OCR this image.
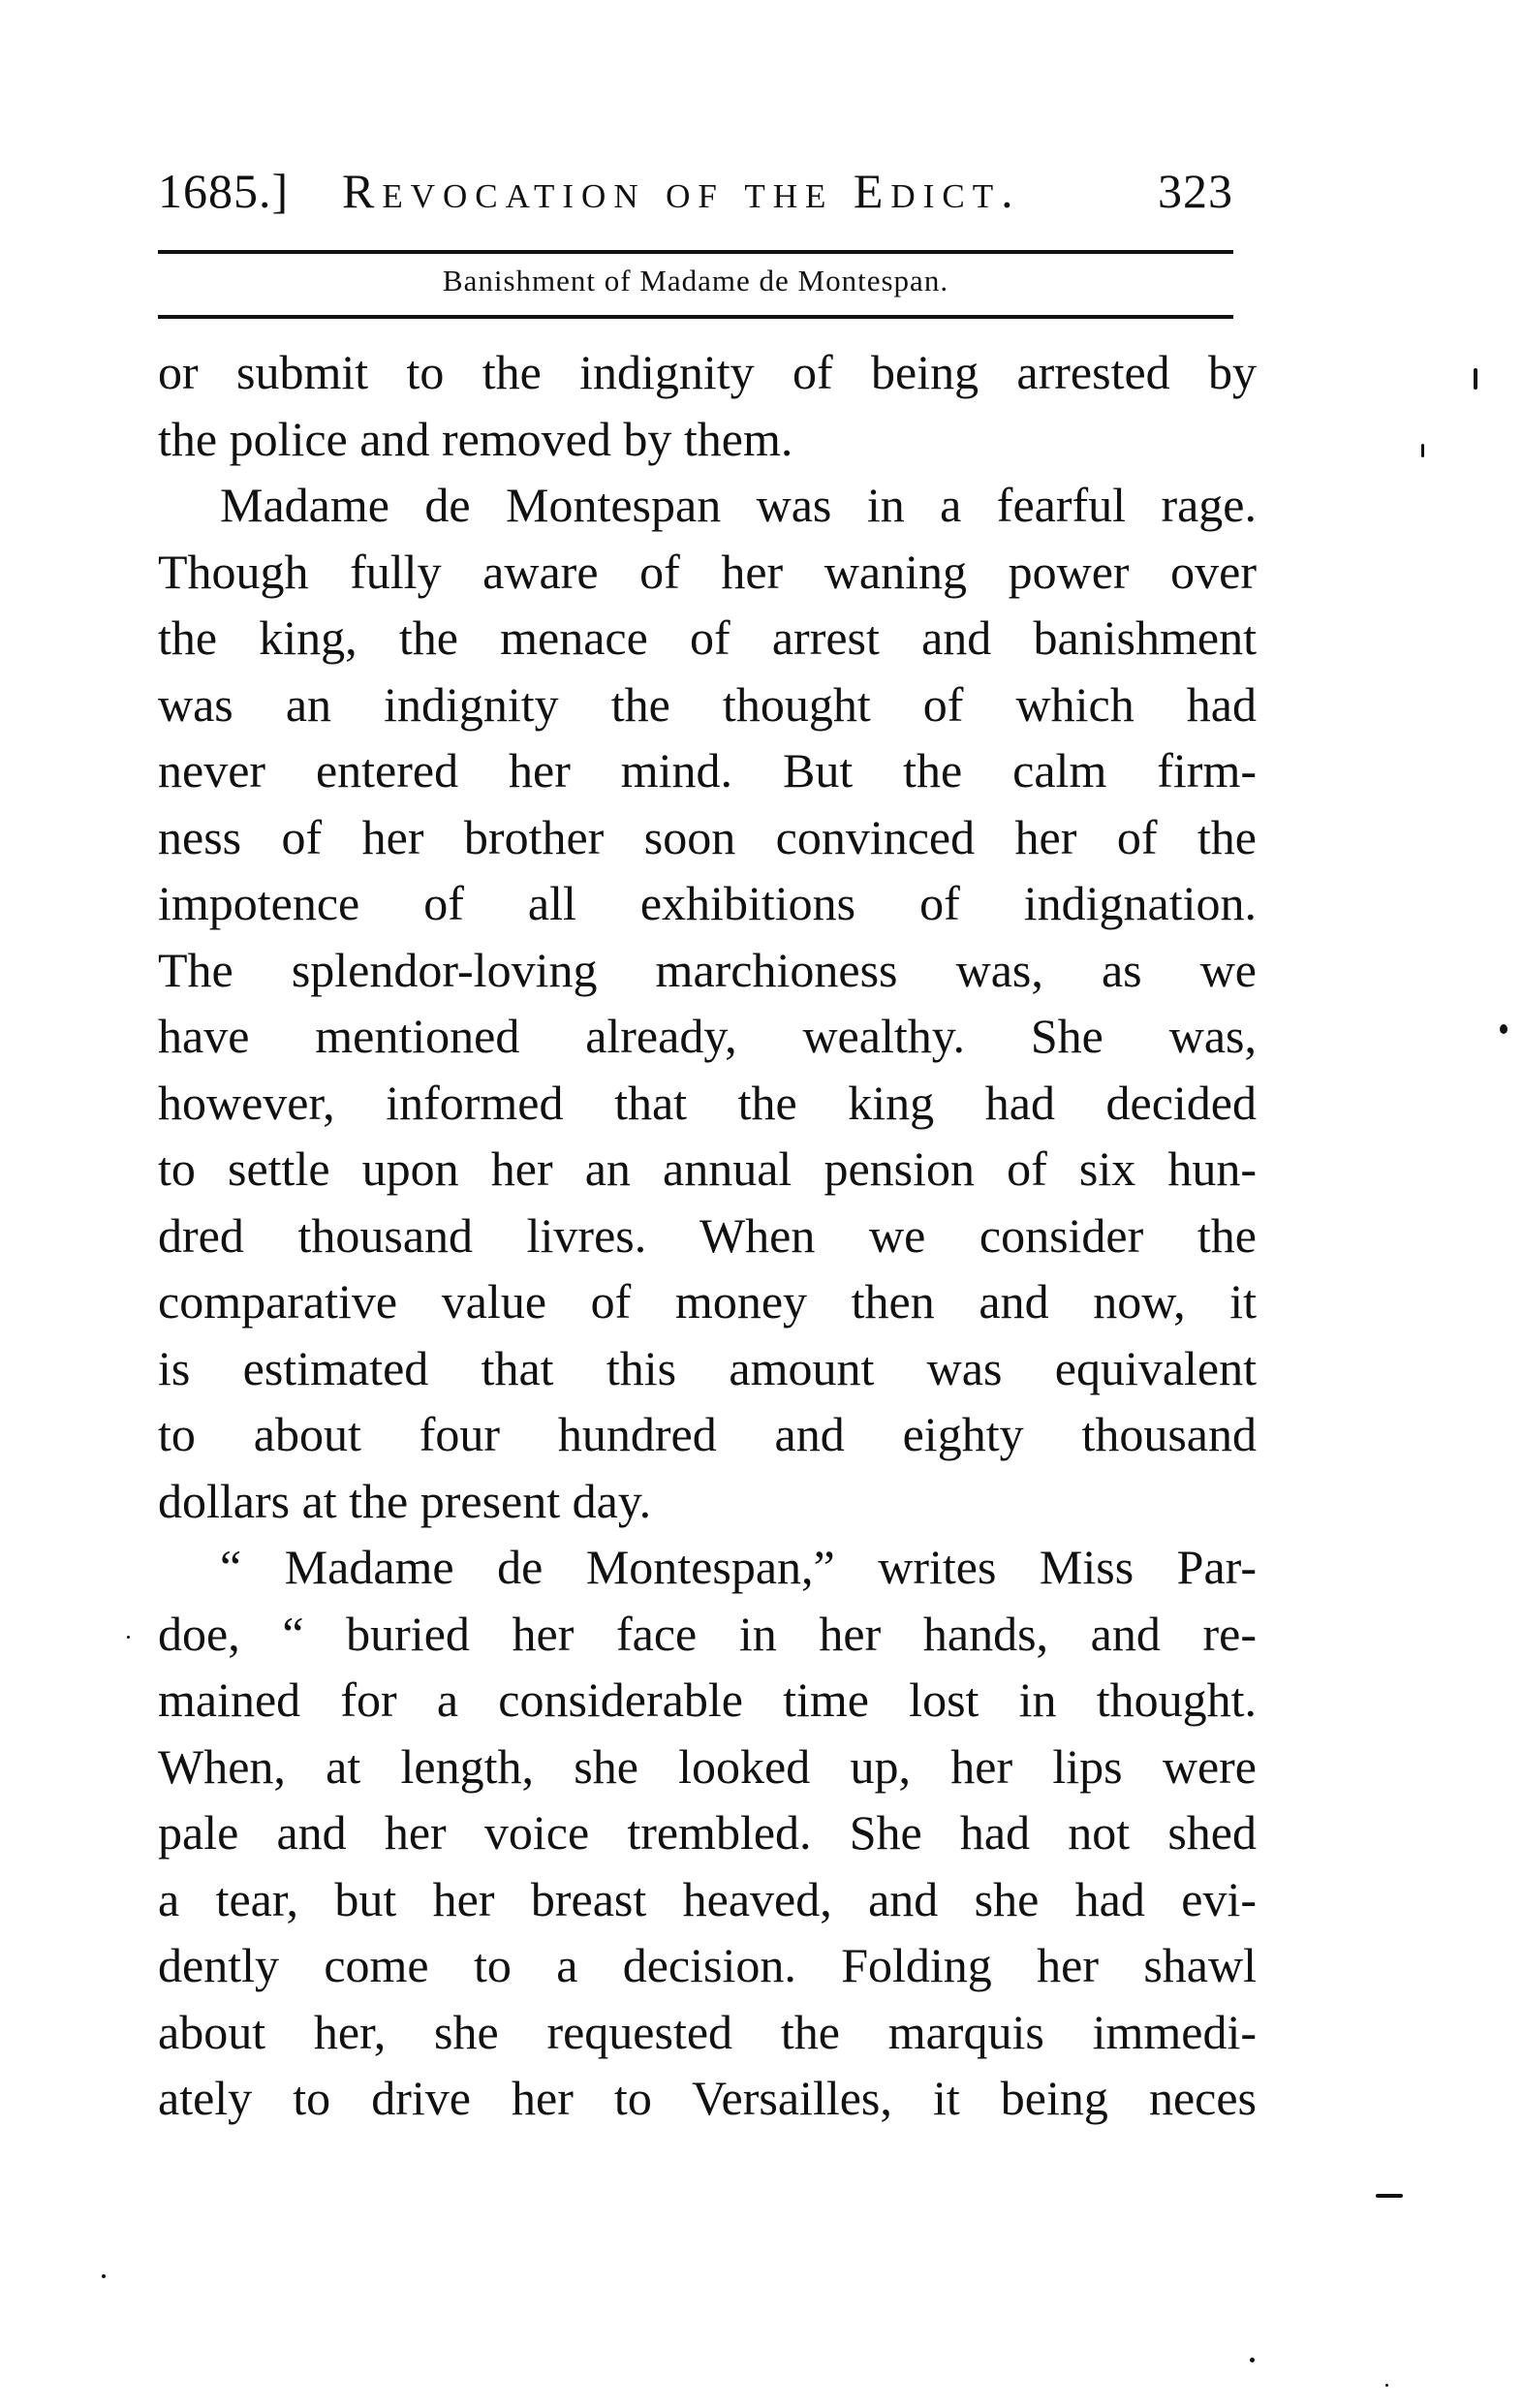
1685.] Revocation of the Edict.	323
Banishment of Madame de Montespan.
or submit to the indignity of being arrested by
the police and removed by them.
Madame de Montespan was in a fearful rage.
Though fully aware of her waning power over
the king, the menace of arrest and banishment
was an indignity the thought of which had
never entered her mind. But the calm firm-
ness of her brother soon convinced her of the
impotence of all exhibitions of indignation.
The splendor-loving marchioness was, as we
have mentioned already, wealthy. She was,
however, informed that the king had decided
to settle upon her an annual pension of six hun-
dred thousand livres. When we consider the
comparative value of money then and now, it
is estimated that this amount was equivalent
to about four hundred and eighty thousand
dollars at the present day.
“ Madame de Montespan,” writes Miss Par-
doe, “ buried her face in her hands, and re-
mained for a considerable time lost in thought.
When, at length, she looked up, her lips were
pale and her voice trembled. She had not shed
a tear, but her breast heaved, and she had evi-
dently come to a decision. Folding her shawl
about her, she requested the marquis immedi-
ately to drive her to Versailles, it being neces
